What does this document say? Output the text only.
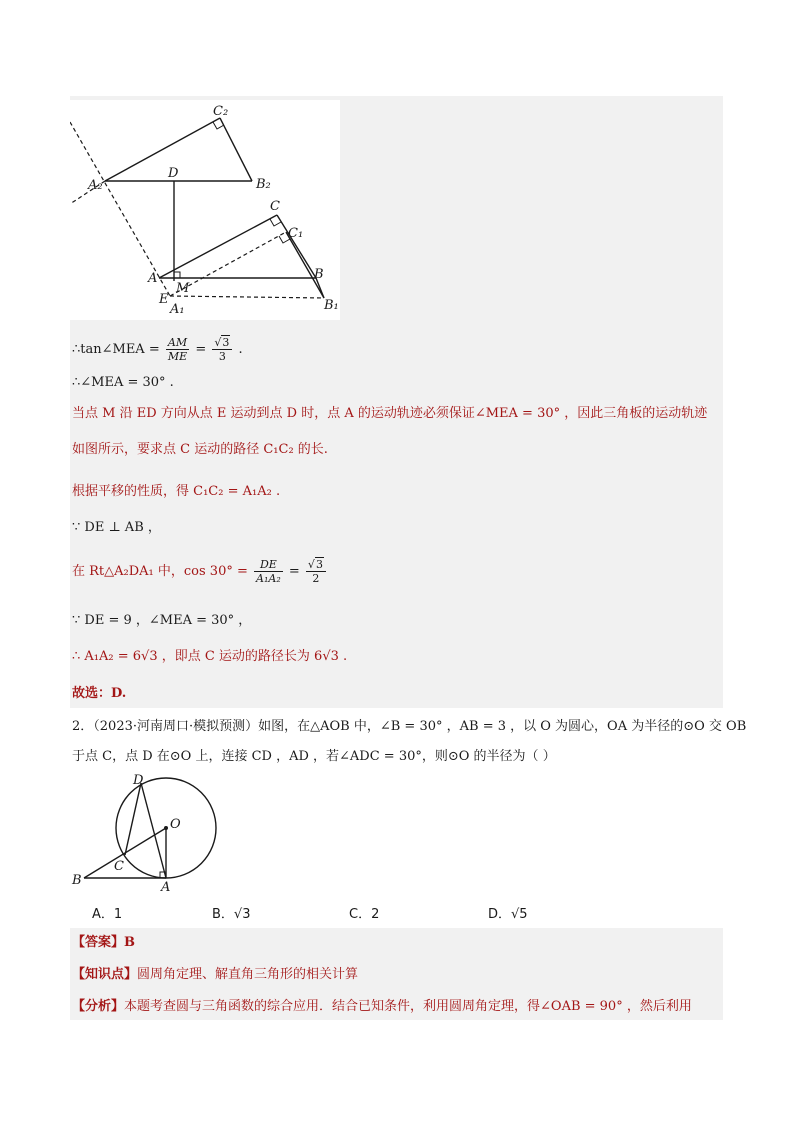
C₂
D
A₂	B₂
C
C₁
A
M
B
E
A₁	B₁
∴tan∠MEA = $\frac{AM}{ME} = \frac{√3}{3}$ .
∴∠MEA = 30° .
当点 M 沿 ED 方向从点 E 运动到点 D 时，点 A 的运动轨迹必须保证∠MEA = 30° ，因此三角板的运动轨迹
如图所示，要求点 C 运动的路径 C₁C₂ 的长.
根据平移的性质，得 C₁C₂ = A₁A₂ .
∵ DE ⊥ AB ，
在 Rt△A₂DA₁ 中，$\cos 30^\circ = \frac{DE}{\text{A₁A₂}} = \frac{√3}{2}$
∵ DE = 9 ，∠MEA = 30° ，
∴ A₁A₂ = 6√3 ，即点 C 运动的路径长为 6√3 .
故选：D.
2．（2023·河南周口·模拟预测）如图，在△AOB 中，∠B = 30° ，AB = 3 ，以 O 为圆心，OA 为半径的⊙O 交 OB
于点 C，点 D 在⊙O 上，连接 CD ，AD ，若∠ADC = 30°，则⊙O 的半径为（ ）
D
O
C
B	A
A．1	B．√3	C．2	D．√5
【答案】B
【知识点】圆周角定理、解直角三角形的相关计算
【分析】本题考查圆与三角函数的综合应用．结合已知条件，利用圆周角定理，得∠OAB = 90° ，然后利用
